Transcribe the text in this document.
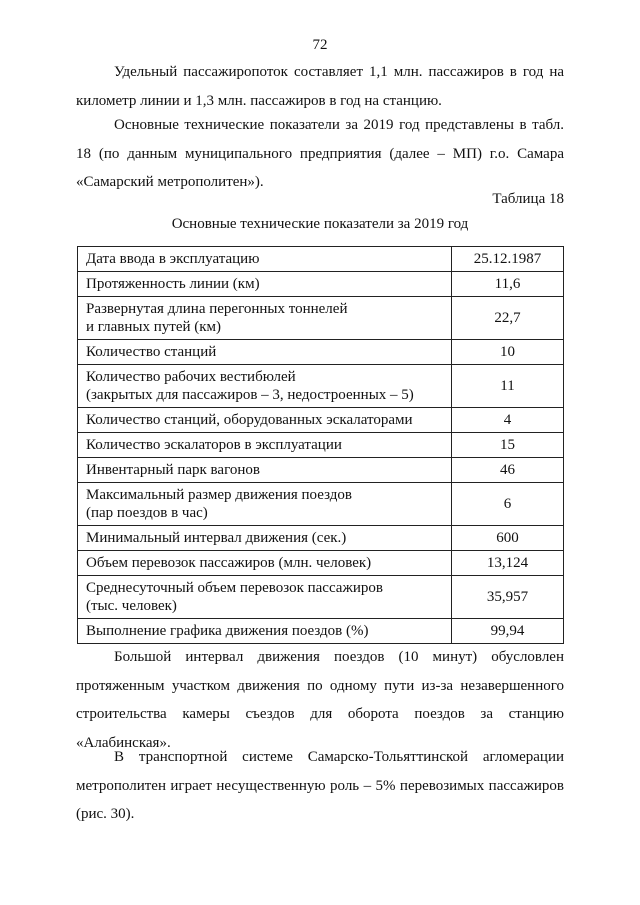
72

Удельный пассажиропоток составляет 1,1 млн. пассажиров в год на километр линии и 1,3 млн. пассажиров в год на станцию.

Основные технические показатели за 2019 год представлены в табл. 18 (по данным муниципального предприятия (далее – МП) г.о. Самара «Самарский метрополитен»).

Таблица 18
Основные технические показатели за 2019 год
Дата ввода в эксплуатацию	25.12.1987
Протяженность линии (км)	11,6
Развернутая длина перегонных тоннелей
и главных путей (км)	22,7
Количество станций	10
Количество рабочих вестибюлей
(закрытых для пассажиров – 3, недостроенных – 5)	11
Количество станций, оборудованных эскалаторами	4
Количество эскалаторов в эксплуатации	15
Инвентарный парк вагонов	46
Максимальный размер движения поездов
(пар поездов в час)	6
Минимальный интервал движения (сек.)	600
Объем перевозок пассажиров (млн. человек)	13,124
Среднесуточный объем перевозок пассажиров
(тыс. человек)	35,957
Выполнение графика движения поездов (%)	99,94

Большой интервал движения поездов (10 минут) обусловлен протяженным участком движения по одному пути из-за незавершенного строительства камеры съездов для оборота поездов за станцию «Алабинская».

В транспортной системе Самарско-Тольяттинской агломерации метрополитен играет несущественную роль – 5% перевозимых пассажиров (рис. 30).
